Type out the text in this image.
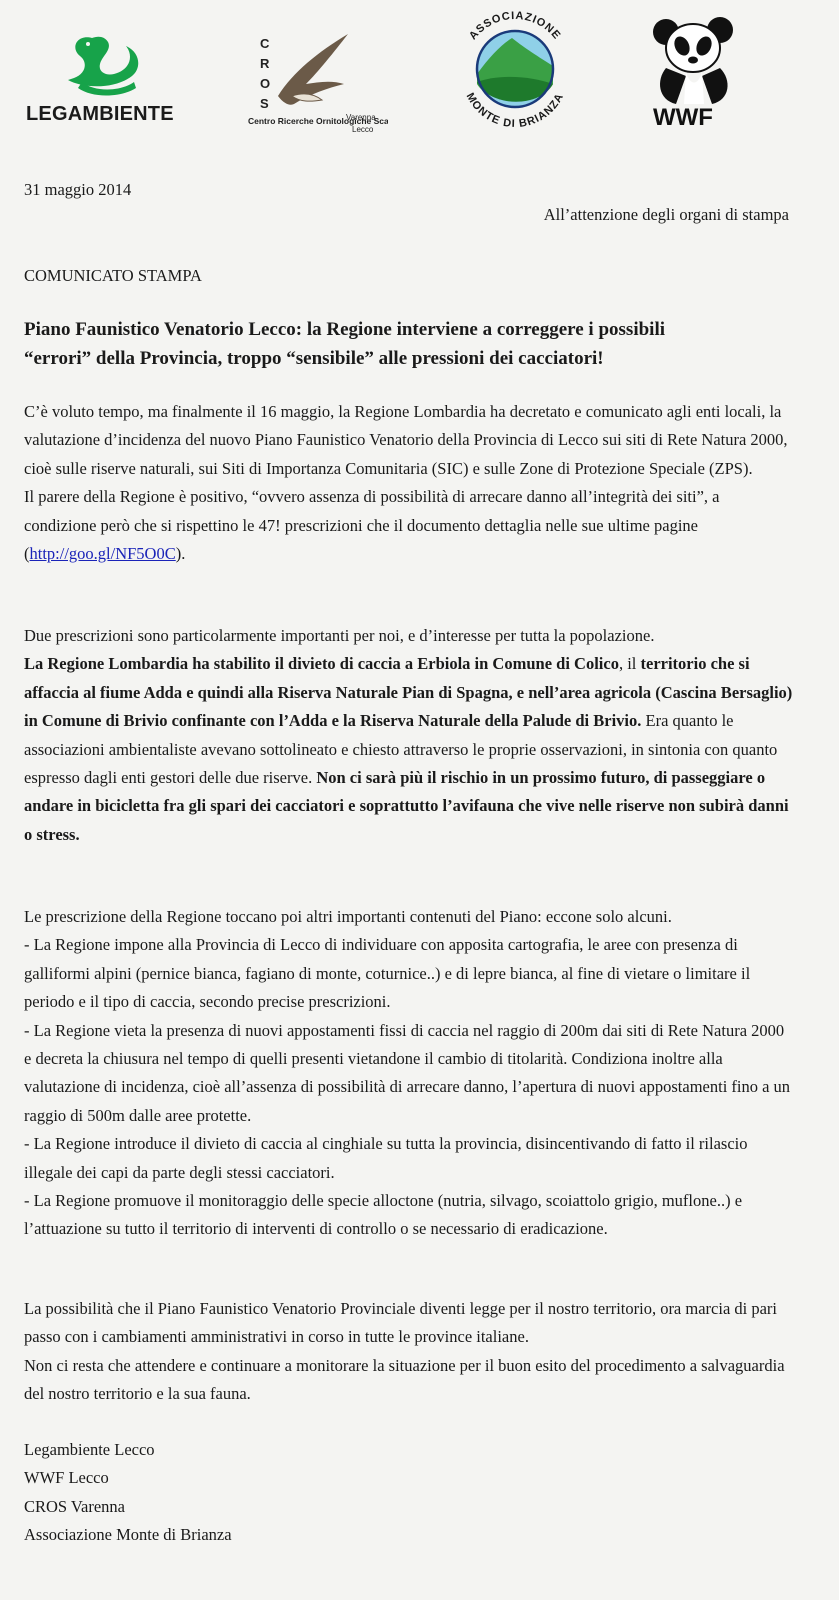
LEGAMBIENTE
C
R
O
S
Centro Ricerche Ornitologiche Sca
Varenna
Lecco
ASSOCIAZIONE
MONTE DI BRIANZA
WWF
31 maggio 2014
All’attenzione degli organi di stampa
COMUNICATO STAMPA

Piano Faunistico Venatorio Lecco: la Regione interviene a correggere i possibili

“errori” della Provincia, troppo “sensibile” alle pressioni dei cacciatori!

C’è voluto tempo, ma finalmente il 16 maggio, la Regione Lombardia ha decretato e comunicato agli enti locali, la valutazione d’incidenza del nuovo Piano Faunistico Venatorio della Provincia di Lecco sui siti di Rete Natura 2000, cioè sulle riserve naturali, sui Siti di Importanza Comunitaria (SIC) e sulle Zone di Protezione Speciale (ZPS).

Il parere della Regione è positivo, “ovvero assenza di possibilità di arrecare danno all’integrità dei siti”, a condizione però che si rispettino le 47! prescrizioni che il documento dettaglia nelle sue ultime pagine (http://goo.gl/NF5O0C).

Due prescrizioni sono particolarmente importanti per noi, e d’interesse per tutta la popolazione.

La Regione Lombardia ha stabilito il divieto di caccia a Erbiola in Comune di Colico, il territorio che si affaccia al fiume Adda e quindi alla Riserva Naturale Pian di Spagna, e nell’area agricola (Cascina Bersaglio) in Comune di Brivio confinante con l’Adda e la Riserva Naturale della Palude di Brivio. Era quanto le associazioni ambientaliste avevano sottolineato e chiesto attraverso le proprie osservazioni, in sintonia con quanto espresso dagli enti gestori delle due riserve. Non ci sarà più il rischio in un prossimo futuro, di passeggiare o andare in bicicletta fra gli spari dei cacciatori e soprattutto l’avifauna che vive nelle riserve non subirà danni o stress.

Le prescrizione della Regione toccano poi altri importanti contenuti del Piano: eccone solo alcuni.

- La Regione impone alla Provincia di Lecco di individuare con apposita cartografia, le aree con presenza di galliformi alpini (pernice bianca, fagiano di monte, coturnice..) e di lepre bianca, al fine di vietare o limitare il periodo e il tipo di caccia, secondo precise prescrizioni.

- La Regione vieta la presenza di nuovi appostamenti fissi di caccia nel raggio di 200m dai siti di Rete Natura 2000 e decreta la chiusura nel tempo di quelli presenti vietandone il cambio di titolarità. Condiziona inoltre alla valutazione di incidenza, cioè all’assenza di possibilità di arrecare danno, l’apertura di nuovi appostamenti fino a un raggio di 500m dalle aree protette.

- La Regione introduce il divieto di caccia al cinghiale su tutta la provincia, disincentivando di fatto il rilascio illegale dei capi da parte degli stessi cacciatori.

- La Regione promuove il monitoraggio delle specie alloctone (nutria, silvago, scoiattolo grigio, muflone..) e l’attuazione su tutto il territorio di interventi di controllo o se necessario di eradicazione.

La possibilità che il Piano Faunistico Venatorio Provinciale diventi legge per il nostro territorio, ora marcia di pari passo con i cambiamenti amministrativi in corso in tutte le province italiane.

Non ci resta che attendere e continuare a monitorare la situazione per il buon esito del procedimento a salvaguardia del nostro territorio e la sua fauna.

Legambiente Lecco

WWF Lecco

CROS Varenna

Associazione Monte di Brianza
